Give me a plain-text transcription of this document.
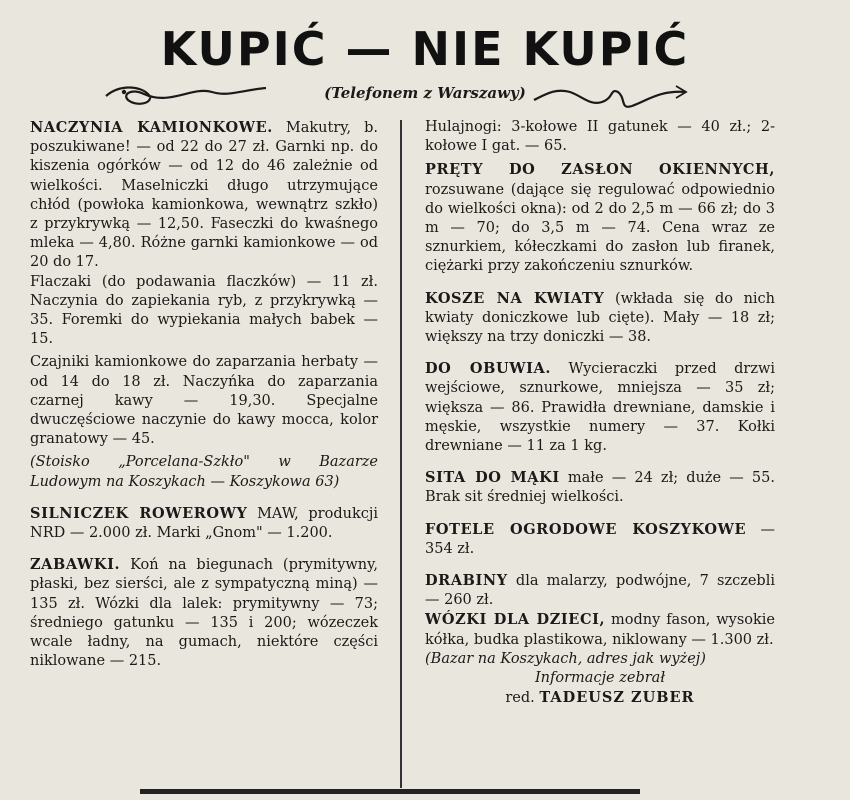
KUPIĆ — NIE KUPIĆ
(Telefonem z Warszawy)

NACZYNIA KAMIONKOWE. Makutry, b. poszukiwane! — od 22 do 27 zł. Garnki np. do kiszenia ogórków — od 12 do 46 zależnie od wielkości. Maselniczki długo utrzymujące chłód (powłoka kamionkowa, wewnątrz szkło) z przykrywką — 12,50. Faseczki do kwaśnego mleka — 4,80. Różne garnki kamionkowe — od 20 do 17.

Flaczaki (do podawania flaczków) — 11 zł. Naczynia do zapiekania ryb, z przykrywką — 35. Foremki do wypiekania małych babek — 15.

Czajniki kamionkowe do zaparzania herbaty — od 14 do 18 zł. Naczyńka do zaparzania czarnej kawy — 19,30. Specjalne dwuczęściowe naczynie do kawy mocca, kolor granatowy — 45.

(Stoisko „Porcelana-Szkło" w Bazarze Ludowym na Koszykach — Koszykowa 63)

SILNICZEK ROWEROWY MAW, produkcji NRD — 2.000 zł. Marki „Gnom" — 1.200.

ZABAWKI. Koń na biegunach (prymitywny, płaski, bez sierści, ale z sympatyczną miną) — 135 zł. Wózki dla lalek: prymitywny — 73; średniego gatunku — 135 i 200; wózeczek wcale ładny, na gumach, niektóre części niklowane — 215.

Hulajnogi: 3-kołowe II gatunek — 40 zł.; 2-kołowe I gat. — 65.

PRĘTY DO ZASŁON OKIENNYCH, rozsuwane (dające się regulować odpowiednio do wielkości okna): od 2 do 2,5 m — 66 zł; do 3 m — 70; do 3,5 m — 74. Cena wraz ze sznurkiem, kółeczkami do zasłon lub firanek, ciężarki przy zakończeniu sznurków.

KOSZE NA KWIATY (wkłada się do nich kwiaty doniczkowe lub cięte). Mały — 18 zł; większy na trzy doniczki — 38.

DO OBUWIA. Wycieraczki przed drzwi wejściowe, sznurkowe, mniejsza — 35 zł; większa — 86. Prawidła drewniane, damskie i męskie, wszystkie numery — 37. Kołki drewniane — 11 za 1 kg.

SITA DO MĄKI małe — 24 zł; duże — 55. Brak sit średniej wielkości.

FOTELE OGRODOWE KOSZYKOWE — 354 zł.

DRABINY dla malarzy, podwójne, 7 szczebli — 260 zł.

WÓZKI DLA DZIECI, modny fason, wysokie kółka, budka plastikowa, niklowany — 1.300 zł.

(Bazar na Koszykach, adres jak wyżej)

Informacje zebrał

red. TADEUSZ ZUBER
